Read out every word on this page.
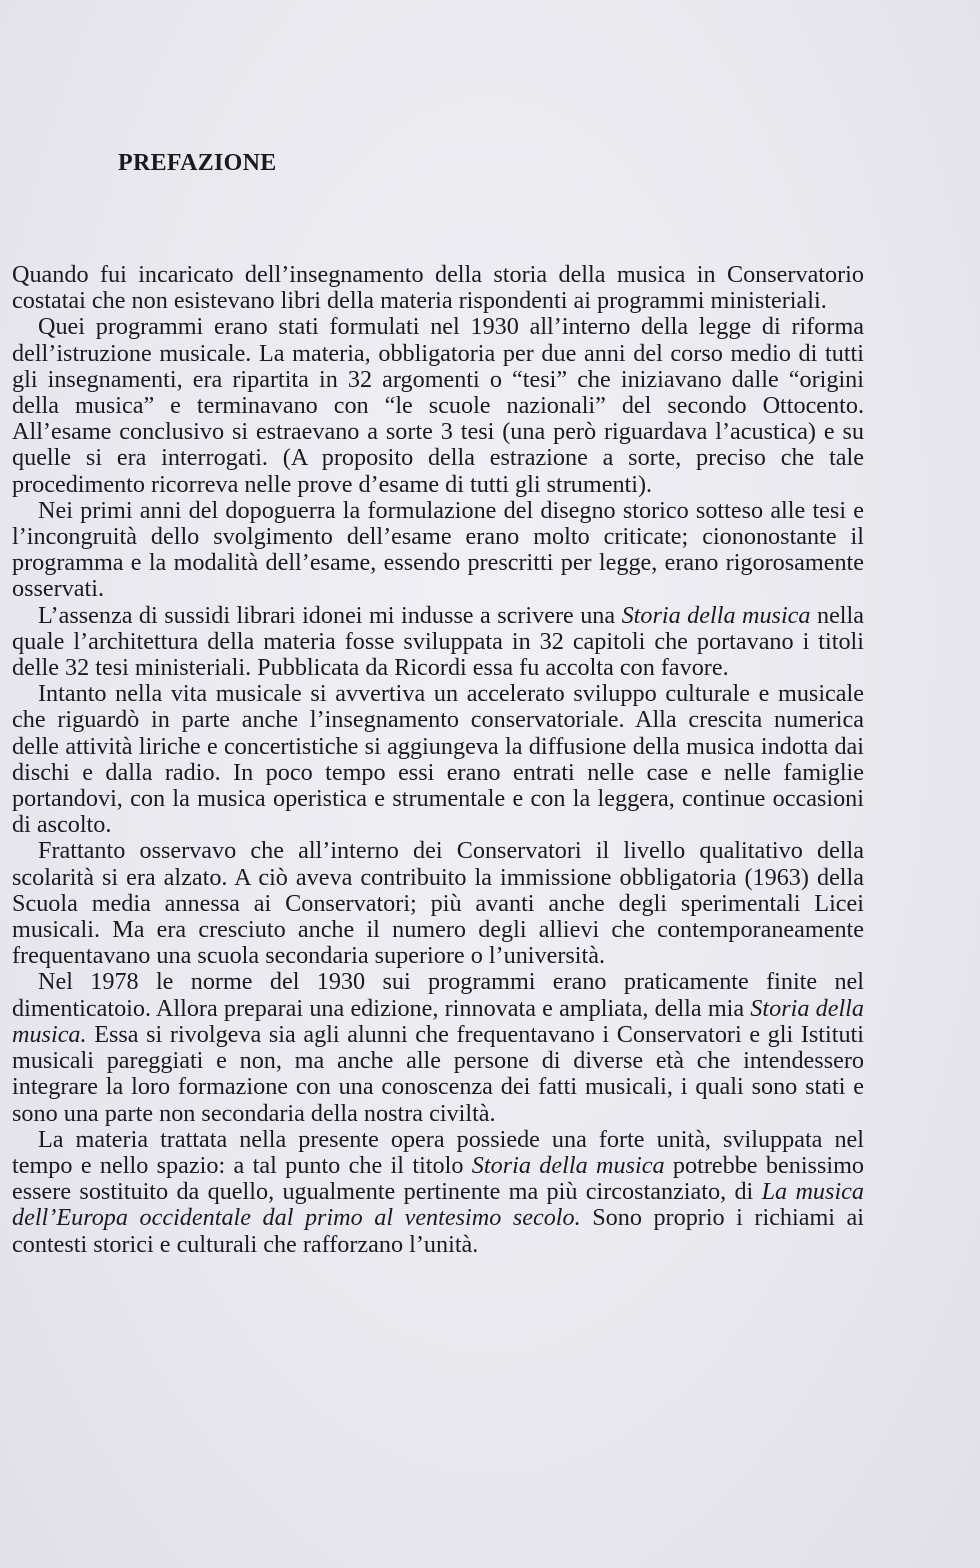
PREFAZIONE

Quando fui incaricato dell’insegnamento della storia della musica in Conservatorio costatai che non esistevano libri della materia rispondenti ai programmi ministeriali.

Quei programmi erano stati formulati nel 1930 all’interno della legge di riforma dell’istruzione musicale. La materia, obbligatoria per due anni del corso medio di tutti gli insegnamenti, era ripartita in 32 argomenti o “tesi” che iniziavano dalle “origini della musica” e terminavano con “le scuole nazionali” del secondo Ottocento. All’esame conclusivo si estraevano a sorte 3 tesi (una però riguardava l’acustica) e su quelle si era interrogati. (A proposito della estrazione a sorte, preciso che tale procedimento ricorreva nelle prove d’esame di tutti gli strumenti).

Nei primi anni del dopoguerra la formulazione del disegno storico sotteso alle tesi e l’incongruità dello svolgimento dell’esame erano molto criticate; ciononostante il programma e la modalità dell’esame, essendo prescritti per legge, erano rigorosamente osservati.

L’assenza di sussidi librari idonei mi indusse a scrivere una Storia della musica nella quale l’architettura della materia fosse sviluppata in 32 capitoli che portavano i titoli delle 32 tesi ministeriali. Pubblicata da Ricordi essa fu accolta con favore.

Intanto nella vita musicale si avvertiva un accelerato sviluppo culturale e musicale che riguardò in parte anche l’insegnamento conservatoriale. Alla crescita numerica delle attività liriche e concertistiche si aggiungeva la diffusione della musica indotta dai dischi e dalla radio. In poco tempo essi erano entrati nelle case e nelle famiglie portandovi, con la musica operistica e strumentale e con la leggera, continue occasioni di ascolto.

Frattanto osservavo che all’interno dei Conservatori il livello qualitativo della scolarità si era alzato. A ciò aveva contribuito la immissione obbligatoria (1963) della Scuola media annessa ai Conservatori; più avanti anche degli sperimentali Licei musicali. Ma era cresciuto anche il numero degli allievi che contemporaneamente frequentavano una scuola secondaria superiore o l’università.

Nel 1978 le norme del 1930 sui programmi erano praticamente finite nel dimenticatoio. Allora preparai una edizione, rinnovata e ampliata, della mia Storia della musica. Essa si rivolgeva sia agli alunni che frequentavano i Conservatori e gli Istituti musicali pareggiati e non, ma anche alle persone di diverse età che intendessero integrare la loro formazione con una conoscenza dei fatti musicali, i quali sono stati e sono una parte non secondaria della nostra civiltà.

La materia trattata nella presente opera possiede una forte unità, sviluppata nel tempo e nello spazio: a tal punto che il titolo Storia della musica potrebbe benissimo essere sostituito da quello, ugualmente pertinente ma più circostanziato, di La musica dell’Europa occidentale dal primo al ventesimo secolo. Sono proprio i richiami ai contesti storici e culturali che rafforzano l’unità.
